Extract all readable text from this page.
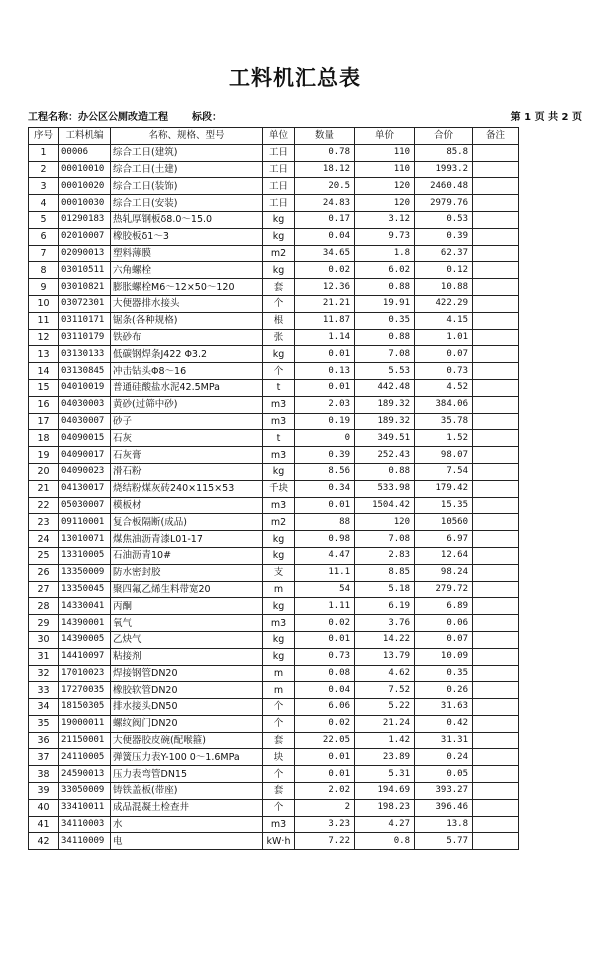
工料机汇总表
工程名称：办公区公厕改造工程 标段：	第 1 页 共 2 页
序号	工料机编	名称、规格、型号	单位	数量	单价	合价	备注
1	00006	综合工日(建筑)	工日	0.78	110	85.8	
2	00010010	综合工日(土建)	工日	18.12	110	1993.2	
3	00010020	综合工日(装饰)	工日	20.5	120	2460.48	
4	00010030	综合工日(安装)	工日	24.83	120	2979.76	
5	01290183	热轧厚钢板δ8.0～15.0	kg	0.17	3.12	0.53	
6	02010007	橡胶板δ1～3	kg	0.04	9.73	0.39	
7	02090013	塑料薄膜	m2	34.65	1.8	62.37	
8	03010511	六角螺栓	kg	0.02	6.02	0.12	
9	03010821	膨胀螺栓M6～12×50～120	套	12.36	0.88	10.88	
10	03072301	大便器排水接头	个	21.21	19.91	422.29	
11	03110171	锯条(各种规格)	根	11.87	0.35	4.15	
12	03110179	铁砂布	张	1.14	0.88	1.01	
13	03130133	低碳钢焊条J422 Φ3.2	kg	0.01	7.08	0.07	
14	03130845	冲击钻头Φ8～16	个	0.13	5.53	0.73	
15	04010019	普通硅酸盐水泥42.5MPa	t	0.01	442.48	4.52	
16	04030003	黄砂(过筛中砂)	m3	2.03	189.32	384.06	
17	04030007	砂子	m3	0.19	189.32	35.78	
18	04090015	石灰	t	0	349.51	1.52	
19	04090017	石灰膏	m3	0.39	252.43	98.07	
20	04090023	滑石粉	kg	8.56	0.88	7.54	
21	04130017	烧结粉煤灰砖240×115×53	千块	0.34	533.98	179.42	
22	05030007	模板材	m3	0.01	1504.42	15.35	
23	09110001	复合板隔断(成品)	m2	88	120	10560	
24	13010071	煤焦油沥青漆L01-17	kg	0.98	7.08	6.97	
25	13310005	石油沥青10#	kg	4.47	2.83	12.64	
26	13350009	防水密封胶	支	11.1	8.85	98.24	
27	13350045	聚四氟乙烯生料带宽20	m	54	5.18	279.72	
28	14330041	丙酮	kg	1.11	6.19	6.89	
29	14390001	氧气	m3	0.02	3.76	0.06	
30	14390005	乙炔气	kg	0.01	14.22	0.07	
31	14410097	粘接剂	kg	0.73	13.79	10.09	
32	17010023	焊接钢管DN20	m	0.08	4.62	0.35	
33	17270035	橡胶软管DN20	m	0.04	7.52	0.26	
34	18150305	排水接头DN50	个	6.06	5.22	31.63	
35	19000011	螺纹阀门DN20	个	0.02	21.24	0.42	
36	21150001	大便器胶皮碗(配喉箍)	套	22.05	1.42	31.31	
37	24110005	弹簧压力表Y-100 0～1.6MPa	块	0.01	23.89	0.24	
38	24590013	压力表弯管DN15	个	0.01	5.31	0.05	
39	33050009	铸铁盖板(带座)	套	2.02	194.69	393.27	
40	33410011	成品混凝土检查井	个	2	198.23	396.46	
41	34110003	水	m3	3.23	4.27	13.8	
42	34110009	电	kW·h	7.22	0.8	5.77	
